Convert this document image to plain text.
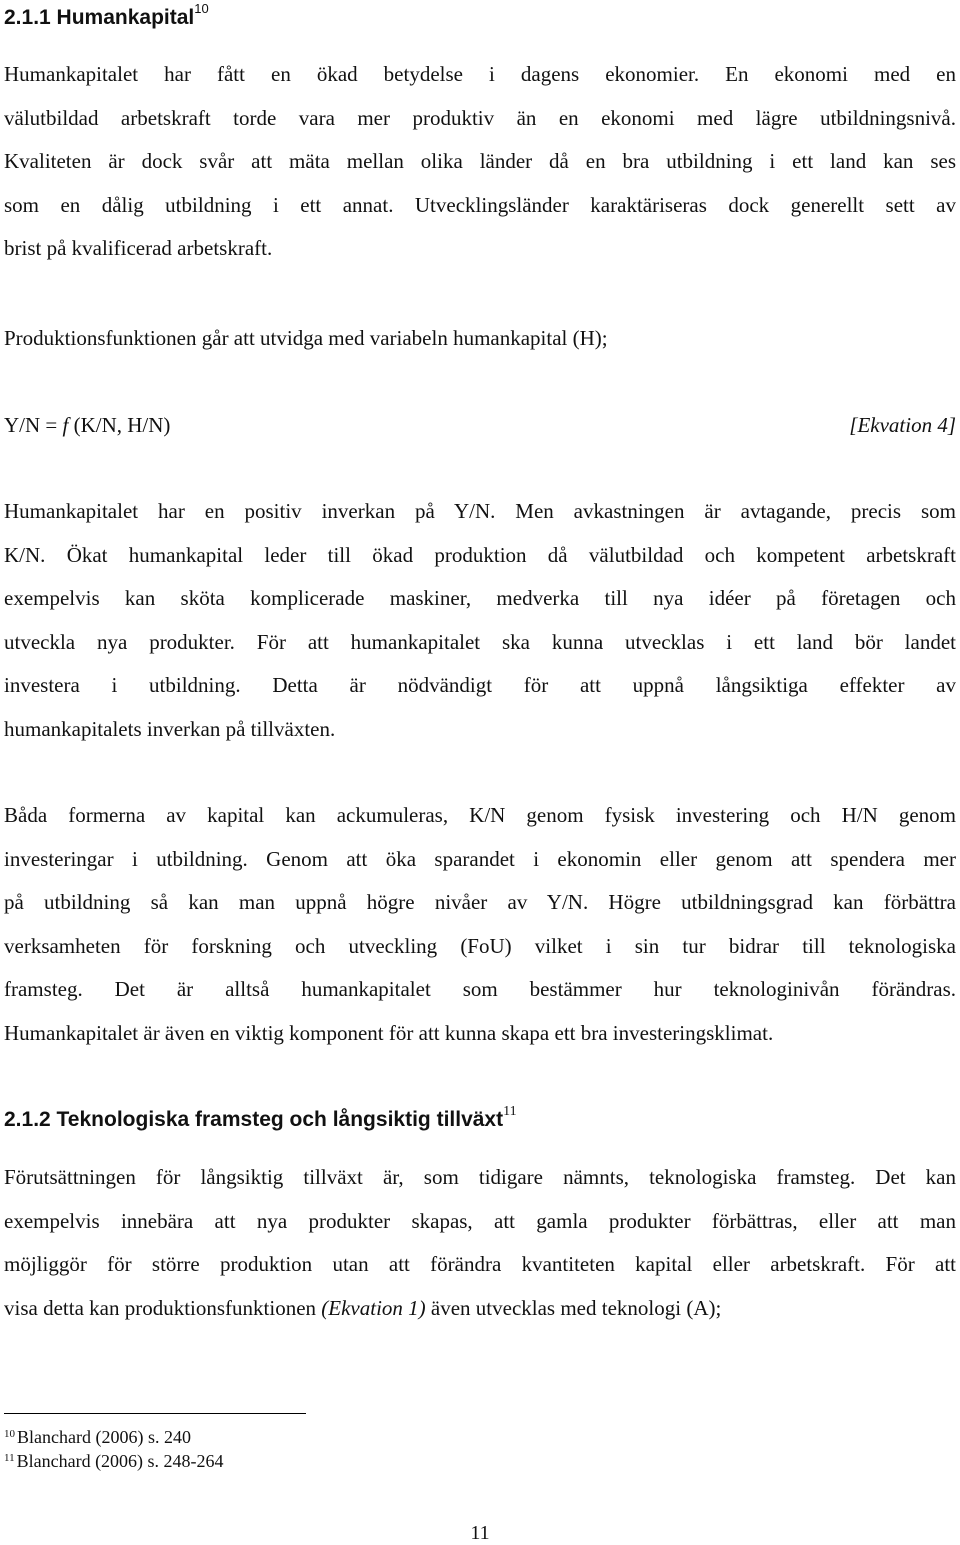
2.1.1 Humankapital$^{10}$

Humankapitalet har fått en ökad betydelse i dagens ekonomier. En ekonomi med en
välutbildad arbetskraft torde vara mer produktiv än en ekonomi med lägre utbildningsnivå.
Kvaliteten är dock svår att mäta mellan olika länder då en bra utbildning i ett land kan ses
som en dålig utbildning i ett annat. Utvecklingsländer karaktäriseras dock generellt sett av
brist på kvalificerad arbetskraft.

Produktionsfunktionen går att utvidga med variabeln humankapital (H);

Y/N = f (K/N, H/N)	[Ekvation 4]

Humankapitalet har en positiv inverkan på Y/N. Men avkastningen är avtagande, precis som
K/N. Ökat humankapital leder till ökad produktion då välutbildad och kompetent arbetskraft
exempelvis kan sköta komplicerade maskiner, medverka till nya idéer på företagen och
utveckla nya produkter. För att humankapitalet ska kunna utvecklas i ett land bör landet
investera i utbildning. Detta är nödvändigt för att uppnå långsiktiga effekter av
humankapitalets inverkan på tillväxten.

Båda formerna av kapital kan ackumuleras, K/N genom fysisk investering och H/N genom
investeringar i utbildning. Genom att öka sparandet i ekonomin eller genom att spendera mer
på utbildning så kan man uppnå högre nivåer av Y/N. Högre utbildningsgrad kan förbättra
verksamheten för forskning och utveckling (FoU) vilket i sin tur bidrar till teknologiska
framsteg. Det är alltså humankapitalet som bestämmer hur teknologinivån förändras.
Humankapitalet är även en viktig komponent för att kunna skapa ett bra investeringsklimat.

2.1.2 Teknologiska framsteg och långsiktig tillväxt$^{11}$

Förutsättningen för långsiktig tillväxt är, som tidigare nämnts, teknologiska framsteg. Det kan
exempelvis innebära att nya produkter skapas, att gamla produkter förbättras, eller att man
möjliggör för större produktion utan att förändra kvantiteten kapital eller arbetskraft. För att
visa detta kan produktionsfunktionen (Ekvation 1) även utvecklas med teknologi (A);

$^{10}$ Blanchard (2006) s. 240
$^{11}$ Blanchard (2006) s. 248-264
11
